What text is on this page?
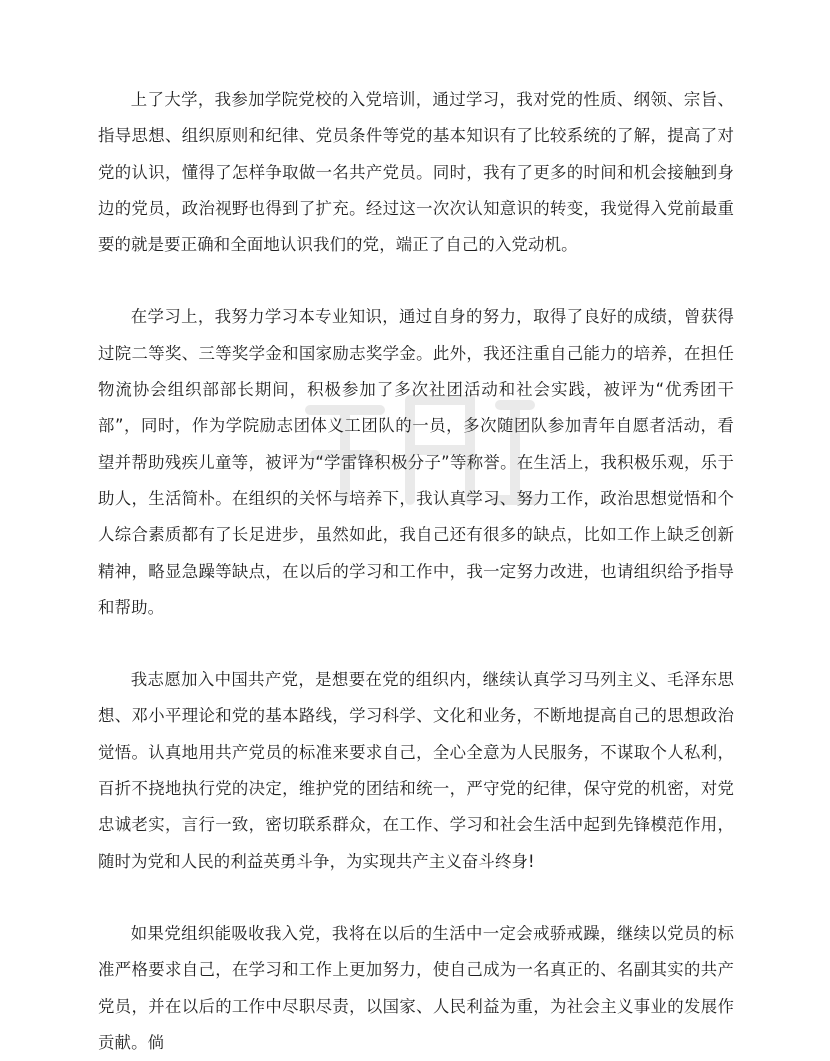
上了大学，我参加学院党校的入党培训，通过学习，我对党的性质、纲领、宗旨、指导思想、组织原则和纪律、党员条件等党的基本知识有了比较系统的了解，提高了对党的认识，懂得了怎样争取做一名共产党员。同时，我有了更多的时间和机会接触到身边的党员，政治视野也得到了扩充。经过这一次次认知意识的转变，我觉得入党前最重要的就是要正确和全面地认识我们的党，端正了自己的入党动机。

在学习上，我努力学习本专业知识，通过自身的努力，取得了良好的成绩，曾获得过院二等奖、三等奖学金和国家励志奖学金。此外，我还注重自己能力的培养，在担任物流协会组织部部长期间，积极参加了多次社团活动和社会实践，被评为“优秀团干部”，同时，作为学院励志团体义工团队的一员，多次随团队参加青年自愿者活动，看望并帮助残疾儿童等，被评为“学雷锋积极分子”等称誉。在生活上，我积极乐观，乐于助人，生活简朴。在组织的关怀与培养下，我认真学习、努力工作，政治思想觉悟和个人综合素质都有了长足进步，虽然如此，我自己还有很多的缺点，比如工作上缺乏创新精神，略显急躁等缺点，在以后的学习和工作中，我一定努力改进，也请组织给予指导和帮助。

我志愿加入中国共产党，是想要在党的组织内，继续认真学习马列主义、毛泽东思想、邓小平理论和党的基本路线，学习科学、文化和业务，不断地提高自己的思想政治觉悟。认真地用共产党员的标准来要求自己，全心全意为人民服务，不谋取个人私利，百折不挠地执行党的决定，维护党的团结和统一，严守党的纪律，保守党的机密，对党忠诚老实，言行一致，密切联系群众，在工作、学习和社会生活中起到先锋模范作用，随时为党和人民的利益英勇斗争，为实现共产主义奋斗终身!

如果党组织能吸收我入党，我将在以后的生活中一定会戒骄戒躁，继续以党员的标准严格要求自己，在学习和工作上更加努力，使自己成为一名真正的、名副其实的共产党员，并在以后的工作中尽职尽责，以国家、人民利益为重，为社会主义事业的发展作贡献。倘
